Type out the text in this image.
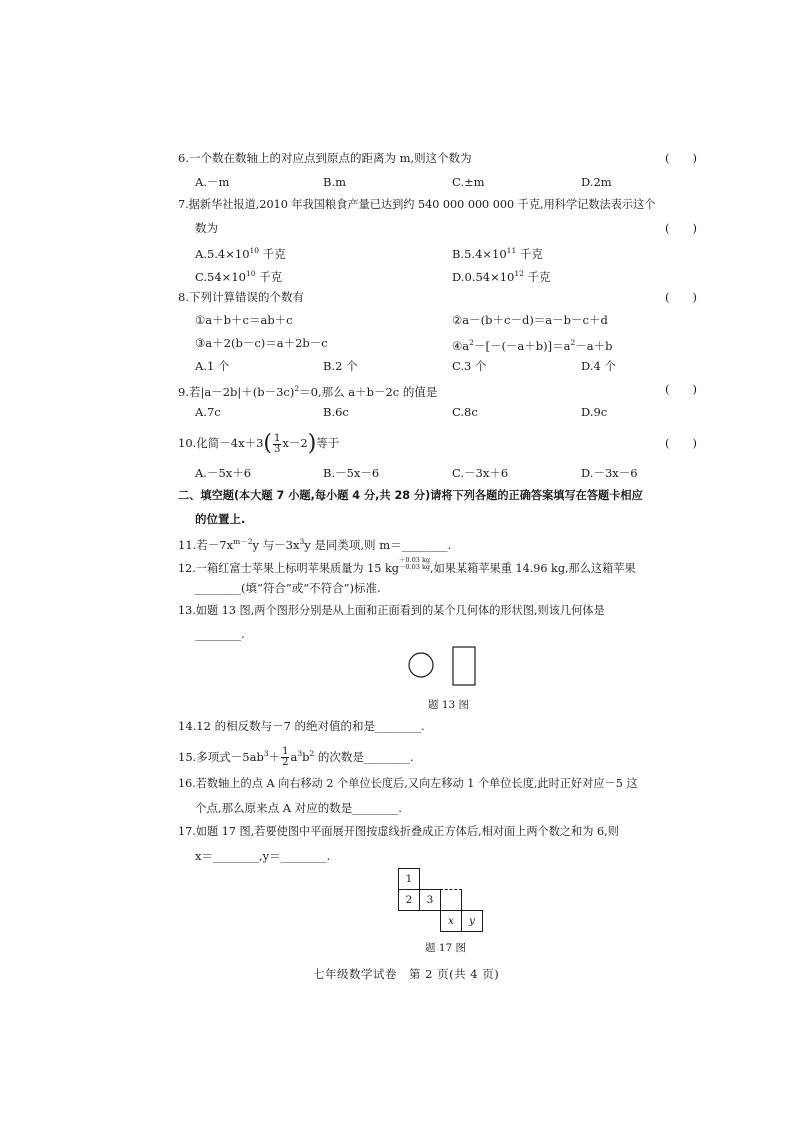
6.一个数在数轴上的对应点到原点的距离为 m,则这个数为	(　　)
A.－m	B.m	C.±m	D.2m
7.据新华社报道,2010 年我国粮食产量已达到约 540 000 000 000 千克,用科学记数法表示这个
数为	(　　)
$A.5.4\times 10^{10}$ 千克	$B.5.4\times 10^{11}$ 千克
$C.54\times 10^{10}$ 千克	$D.0.54\times 10^{12}$ 千克
8.下列计算错误的个数有	(　　)
①a＋b＋c＝ab＋c	②a－(b＋c－d)＝a－b－c＋d
③a＋2(b－c)＝a＋2b－c	$④a^2-[-(-a+b)]=a^2-a+b$
A.1 个	B.2 个	C.3 个	D.4 个
9.若$|a-2b|+(b-3c)^2=0$,那么 a＋b－2c 的值是	(　　)
A.7c	B.6c	C.8c	D.9c
10.化简$-4x+3( \frac{1}{3} x-2)$等于	(　　)
A.－5x＋6	B.－5x－6	C.－3x＋6	D.－3x－6
二、填空题(本大题 7 小题,每小题 4 分,共 28 分)请将下列各题的正确答案填写在答题卡相应
的位置上.
11.若$-7x^{m-2}y$ 与$-3x^3y$ 是同类项,则 m＝________.
12.一箱红富士苹果上标明苹果质量为 15 kg
＋0.03 kg
－0.03 kg ,如果某箱苹果重 14.96 kg,那么这箱苹果
________(填“符合”或“不符合”)标准.
13.如题 13 图,两个图形分别是从上面和正面看到的某个几何体的形状图,则该几何体是
________.
题 13 图
14.12 的相反数与－7 的绝对值的和是________.
15.多项式$-5ab^3+ \frac{1}{2} a^3b^2$ 的次数是________.
16.若数轴上的点 A 向右移动 2 个单位长度后,又向左移动 1 个单位长度,此时正好对应－5 这
个点,那么原来点 A 对应的数是________.
17.如题 17 图,若要使图中平面展开图按虚线折叠成正方体后,相对面上两个数之和为 6,则
x＝________,y＝________.
1
2	3
x	y
题 17 图
七年级数学试卷　第 2 页(共 4 页)
